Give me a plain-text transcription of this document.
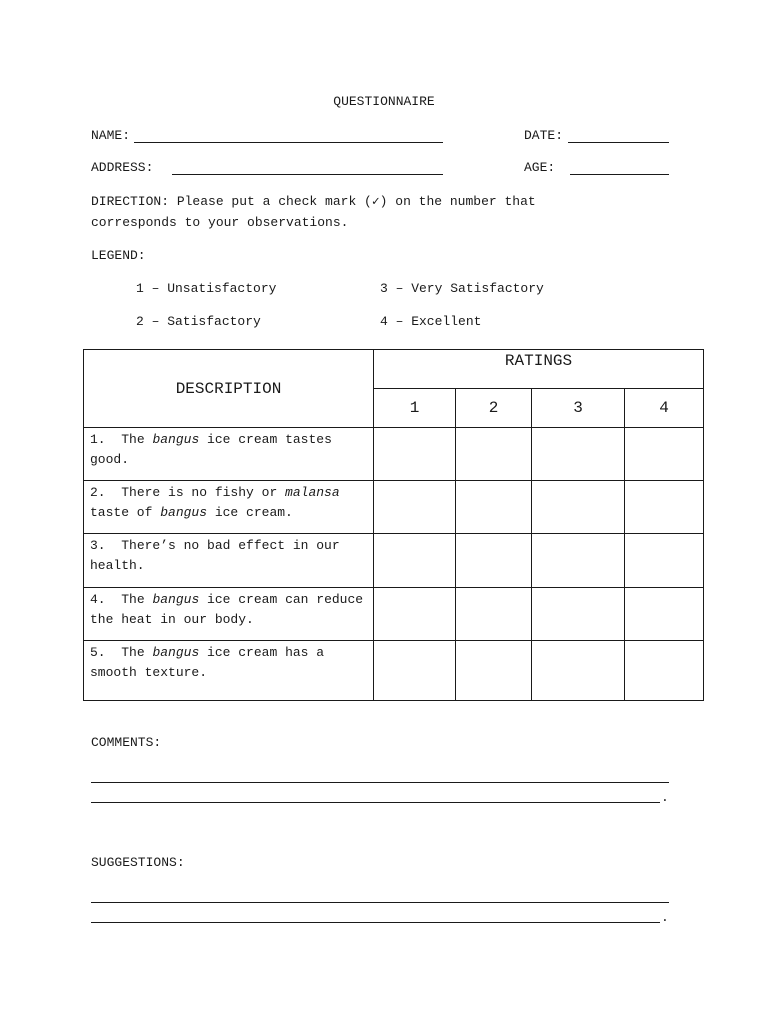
QUESTIONNAIRE
NAME:	DATE:
ADDRESS:	AGE:
DIRECTION: Please put a check mark (✓) on the number that
corresponds to your observations.
LEGEND:
1 – Unsatisfactory	3 – Very Satisfactory
2 – Satisfactory	4 – Excellent
DESCRIPTION	RATINGS			
	1	2	3	4
1. The bangus ice cream tastes good.				
2. There is no fishy or malansa taste of bangus ice cream.				
3. There’s no bad effect in our health.				
4. The bangus ice cream can reduce the heat in our body.				
5. The bangus ice cream has a smooth texture.				
COMMENTS:
.
SUGGESTIONS:
.
